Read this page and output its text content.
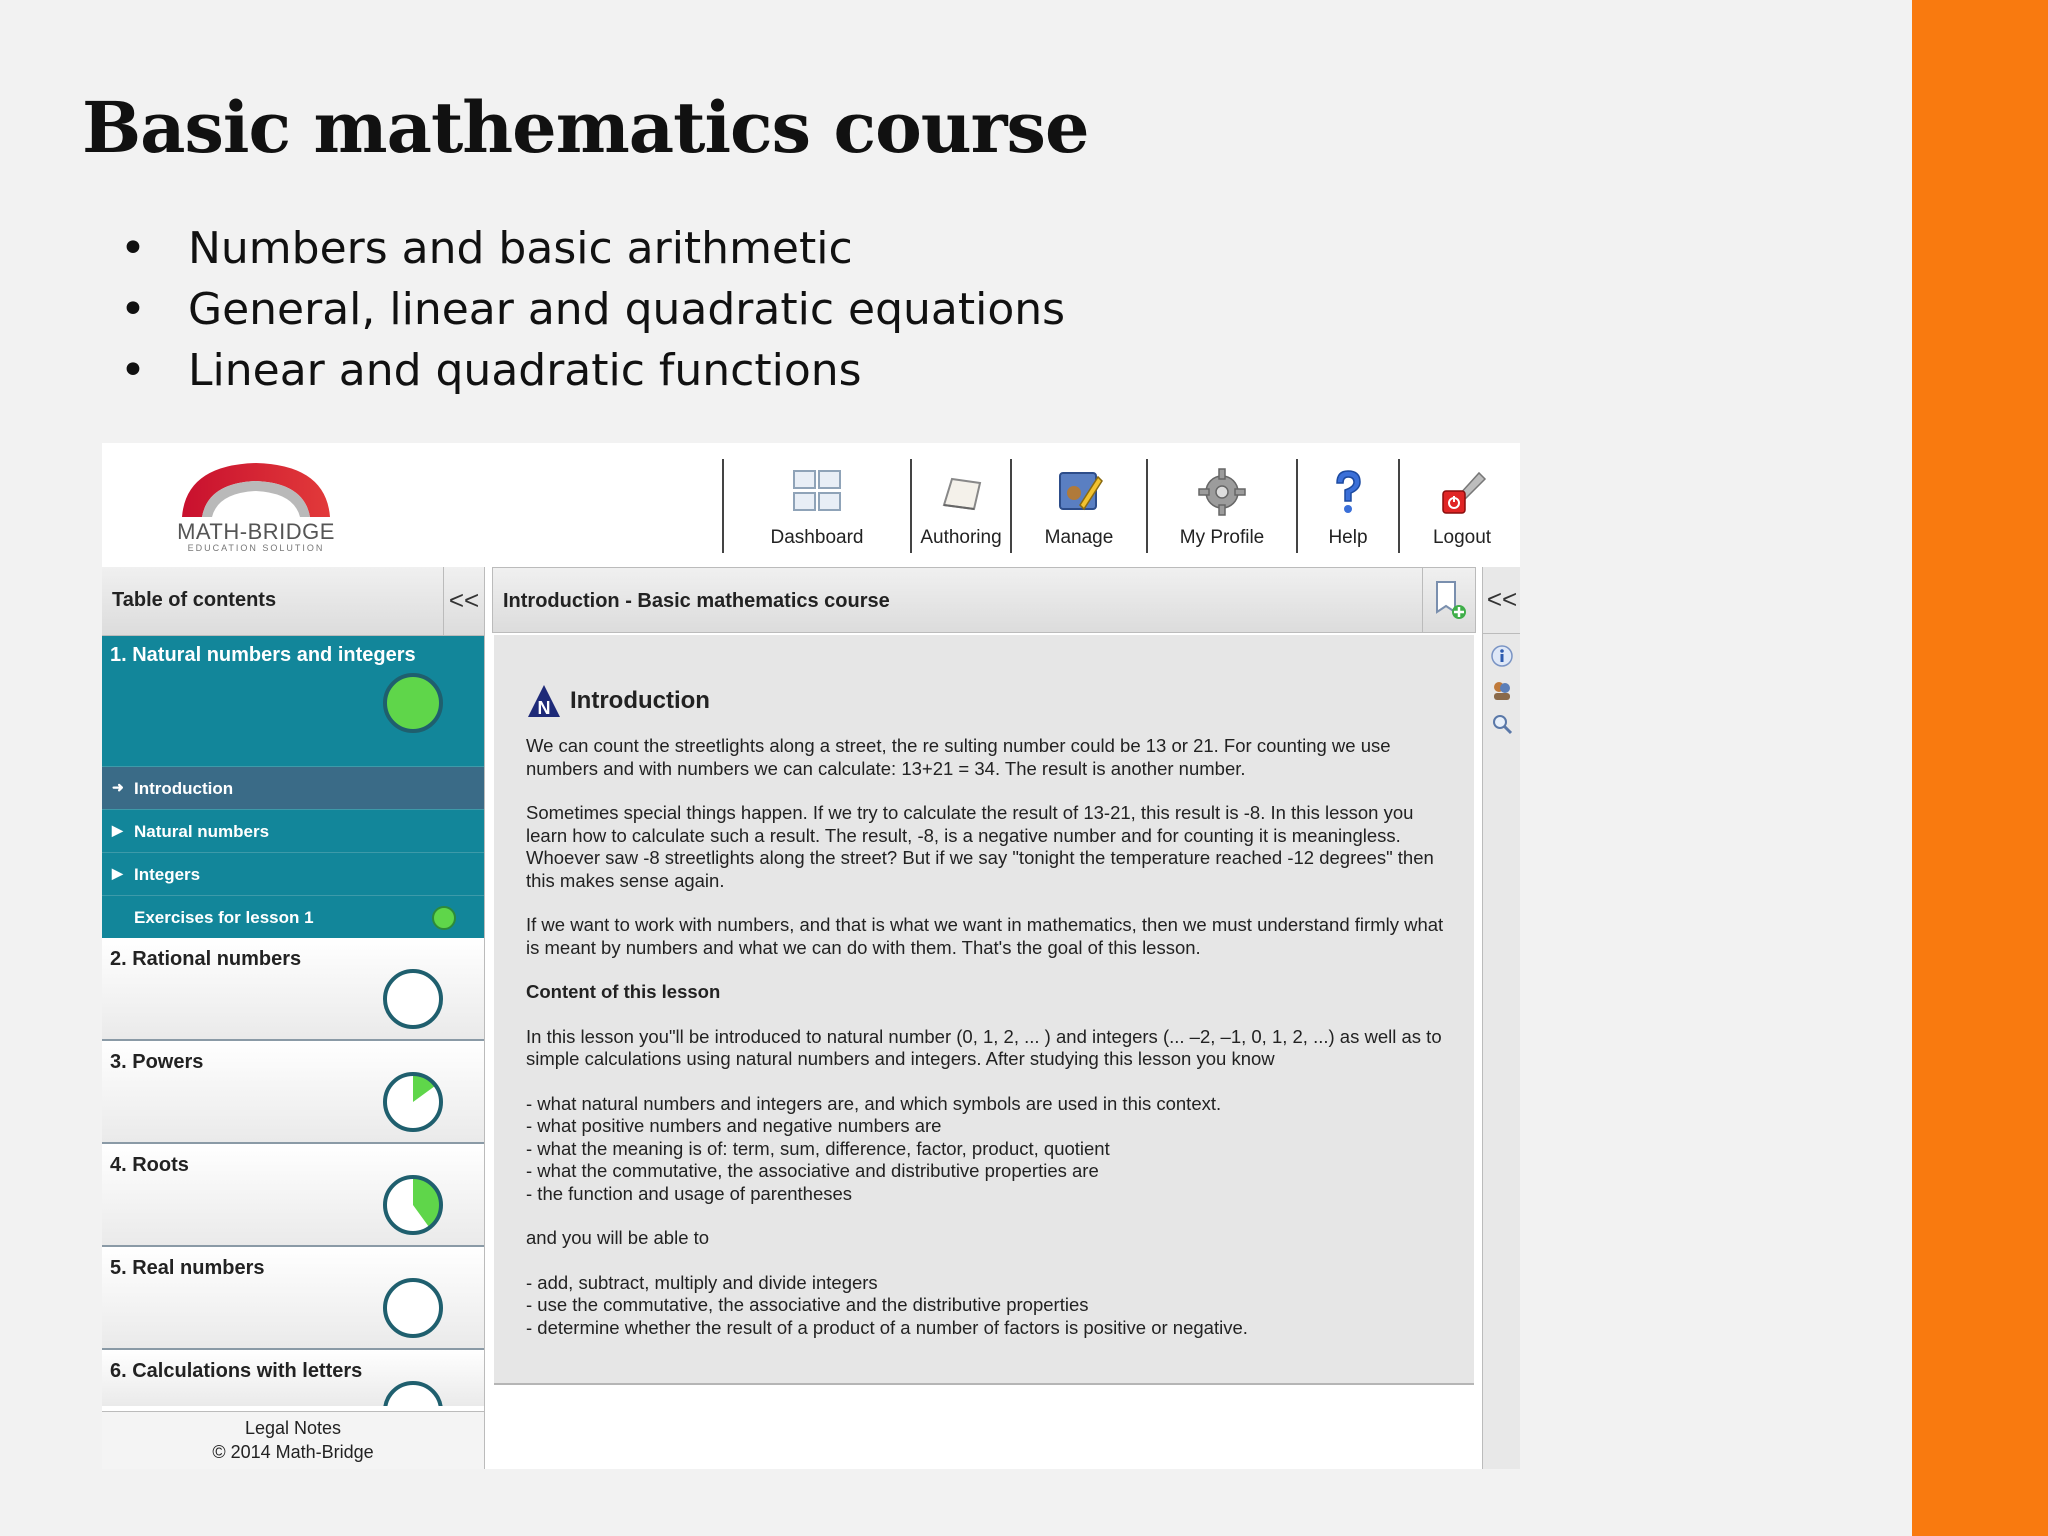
Basic mathematics course
• Numbers and basic arithmetic
• General, linear and quadratic equations
• Linear and quadratic functions
MATH-BRIDGE
EDUCATION SOLUTION	Dashboard	Authoring	Manage	My Profile	Help	Logout
Table of contents	<<
1. Natural numbers and integers
➜ Introduction
▶ Natural numbers
▶ Integers
Exercises for lesson 1
2. Rational numbers
3. Powers
4. Roots
5. Real numbers
6. Calculations with letters
Legal Notes
© 2014 Math-Bridge
Introduction - Basic mathematics course
N Introduction

We can count the streetlights along a street, the re sulting number could be 13 or 21. For counting we use numbers and with numbers we can calculate: 13+21 = 34. The result is another number.

Sometimes special things happen. If we try to calculate the result of 13-21, this result is -8. In this lesson you learn how to calculate such a result. The result, -8, is a negative number and for counting it is meaningless. Whoever saw -8 streetlights along the street? But if we say "tonight the temperature reached -12 degrees" then this makes sense again.

If we want to work with numbers, and that is what we want in mathematics, then we must understand firmly what is meant by numbers and what we can do with them. That's the goal of this lesson.

Content of this lesson

In this lesson you"ll be introduced to natural number (0, 1, 2, ... ) and integers (... –2, –1, 0, 1, 2, ...) as well as to simple calculations using natural numbers and integers. After studying this lesson you know

- what natural numbers and integers are, and which symbols are used in this context.
- what positive numbers and negative numbers are
- what the meaning is of: term, sum, difference, factor, product, quotient
- what the commutative, the associative and distributive properties are
- the function and usage of parentheses

and you will be able to

- add, subtract, multiply and divide integers
- use the commutative, the associative and the distributive properties
- determine whether the result of a product of a number of factors is positive or negative.
<<
